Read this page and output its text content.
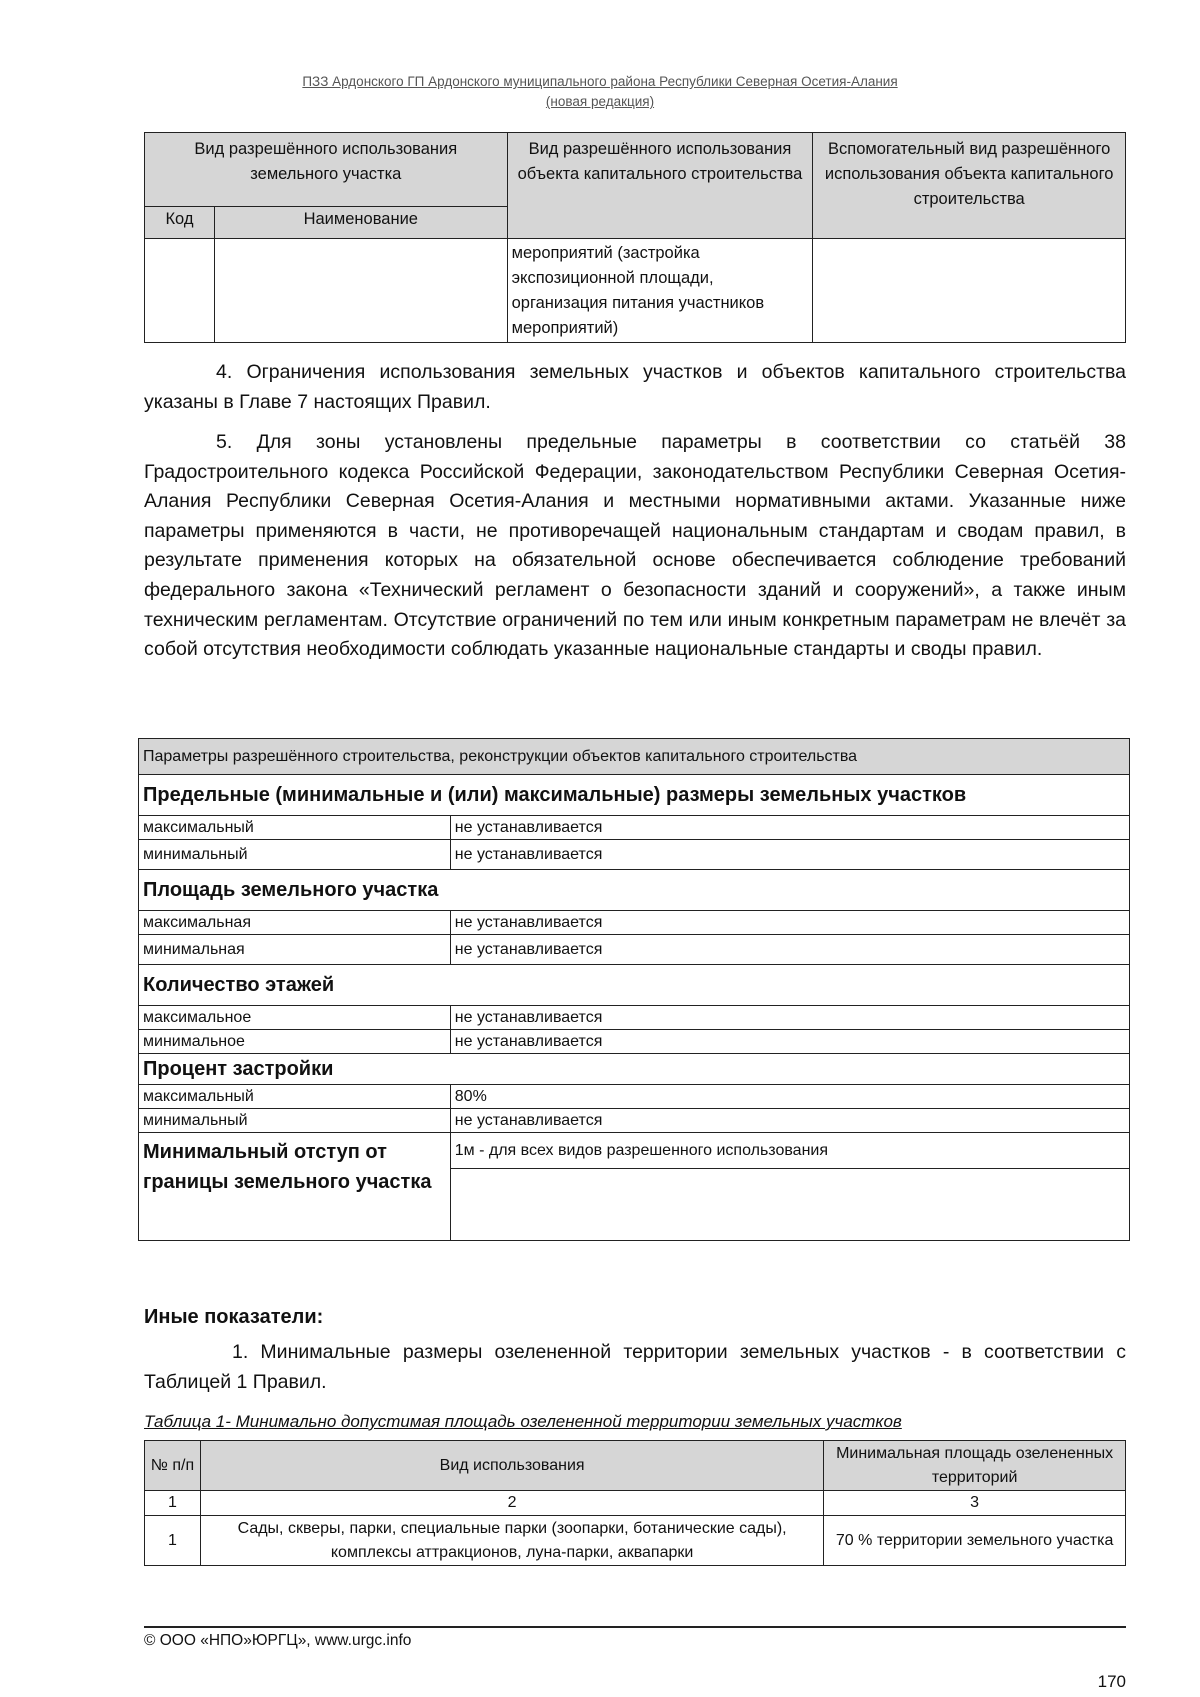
ПЗЗ Ардонского ГП Ардонского муниципального района Республики Северная Осетия-Алания
(новая редакция)
Вид разрешённого использования земельного участка		Вид разрешённого использования объекта капитального строительства	Вспомогательный вид разрешённого использования объекта капитального строительства
Код	Наименование		
		мероприятий (застройка экспозиционной площади, организация питания участников мероприятий)	
4. Ограничения использования земельных участков и объектов капитального строительства указаны в Главе 7 настоящих Правил.
5. Для зоны установлены предельные параметры в соответствии со статьёй 38 Градостроительного кодекса Российской Федерации, законодательством Республики Северная Осетия-Алания Республики Северная Осетия-Алания и местными нормативными актами. Указанные ниже параметры применяются в части, не противоречащей национальным стандартам и сводам правил, в результате применения которых на обязательной основе обеспечивается соблюдение требований федерального закона «Технический регламент о безопасности зданий и сооружений», а также иным техническим регламентам. Отсутствие ограничений по тем или иным конкретным параметрам не влечёт за собой отсутствия необходимости соблюдать указанные национальные стандарты и своды правил.
Параметры разрешённого строительства, реконструкции объектов капитального строительства	
Предельные (минимальные и (или) максимальные) размеры земельных участков	
максимальный	не устанавливается
минимальный	не устанавливается
Площадь земельного участка	
максимальная	не устанавливается
минимальная	не устанавливается
Количество этажей	
максимальное	не устанавливается
минимальное	не устанавливается
Процент застройки	
максимальный	80%
минимальный	не устанавливается
Минимальный отступ от границы земельного участка	1м - для всех видов разрешенного использования

Иные показатели:
1. Минимальные размеры озелененной территории земельных участков - в соответствии с Таблицей 1 Правил.
Таблица 1- Минимально допустимая площадь озелененной территории земельных участков
№ п/п	Вид использования	Минимальная площадь озелененных территорий
1	2	3
1	Сады, скверы, парки, специальные парки (зоопарки, ботанические сады), комплексы аттракционов, луна-парки, аквапарки	70 % территории земельного участка
© ООО «НПО»ЮРГЦ», www.urgc.info
170
